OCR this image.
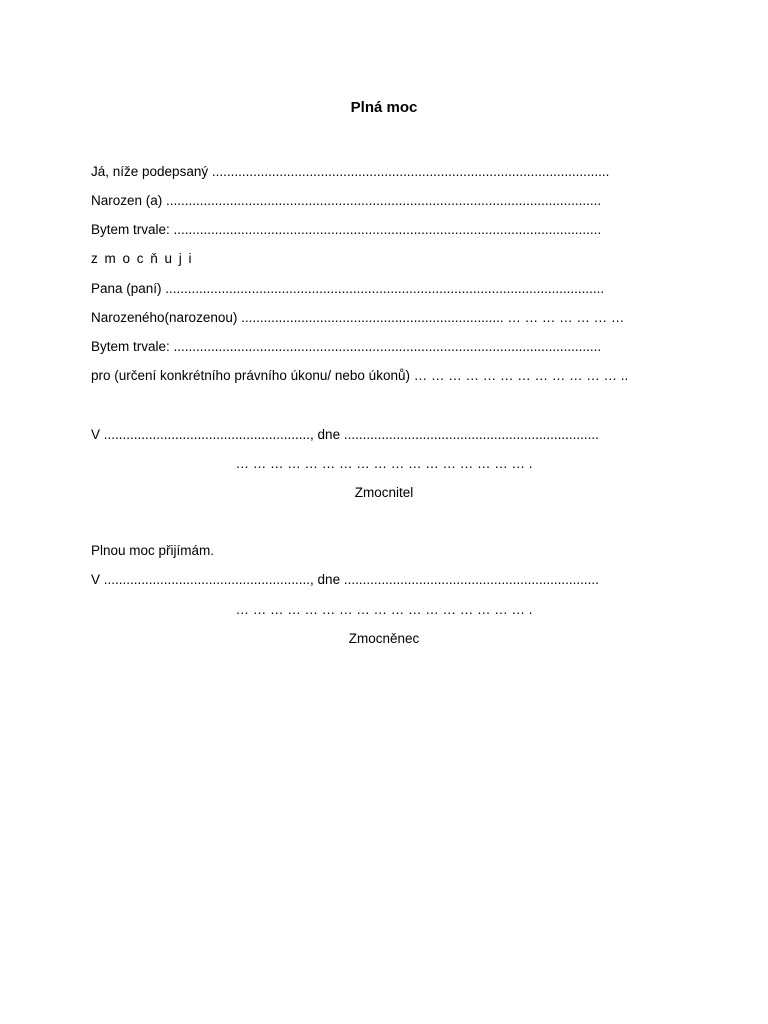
Plná moc
Já, níže podepsaný ..........................................................................................................
Narozen (a) ....................................................................................................................
Bytem trvale: ..................................................................................................................
z m o c ň u j i
Pana (paní) .....................................................................................................................
Narozeného(narozenou) ...................................................................... … … … … … … …
Bytem trvale: ..................................................................................................................
pro (určení konkrétního právního úkonu/ nebo úkonů) … … … … … … … … … … … … ..
V ......................................................., dne ....................................................................
… … … … … … … … … … … … … … … … … .
Zmocnitel
Plnou moc přijímám.
V ......................................................., dne ....................................................................
… … … … … … … … … … … … … … … … … .
Zmocněnec
